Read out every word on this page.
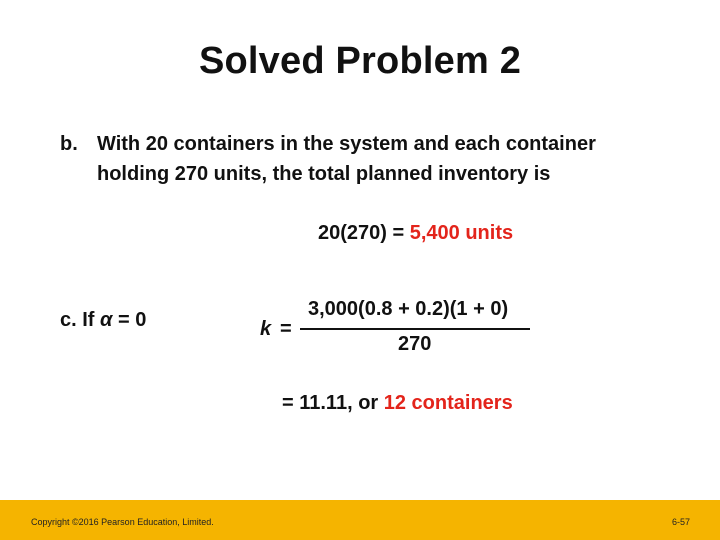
Solved Problem 2
b. With 20 containers in the system and each container
holding 270 units, the total planned inventory is
20(270) = 5,400 units
c. If α = 0	k =
3,000(0.8 + 0.2)(1 + 0)
270
= 11.11, or 12 containers
Copyright ©2016 Pearson Education, Limited.	6-57
